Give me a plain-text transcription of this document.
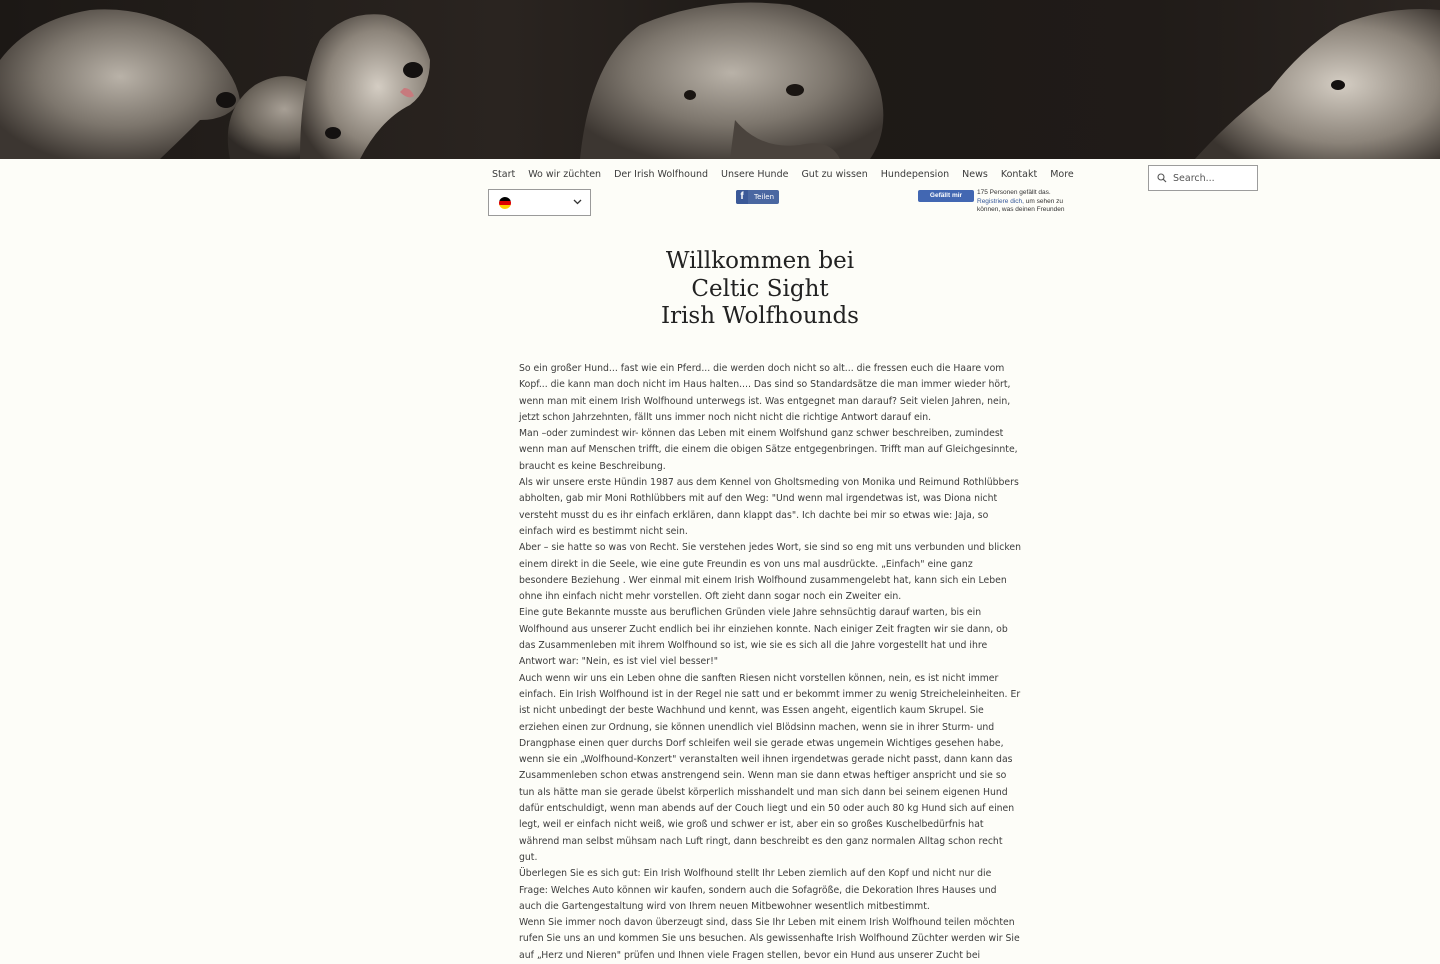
Start Wo wir züchten Der Irish Wolfhound Unsere Hunde Gut zu wissen Hundepension News Kontakt More
Search...
f	Teilen	Gefällt mir	175 Personen gefällt das.
Registriere dich, um sehen zu können, was deinen Freunden
Willkommen bei
Celtic Sight
Irish Wolfhounds

So ein großer Hund... fast wie ein Pferd... die werden doch nicht so alt... die fressen euch die Haare vom Kopf... die kann man doch nicht im Haus halten.... Das sind so Standardsätze die man immer wieder hört, wenn man mit einem Irish Wolfhound unterwegs ist. Was entgegnet man darauf? Seit vielen Jahren, nein, jetzt schon Jahrzehnten, fällt uns immer noch nicht nicht die richtige Antwort darauf ein.

Man –oder zumindest wir- können das Leben mit einem Wolfshund ganz schwer beschreiben, zumindest wenn man auf Menschen trifft, die einem die obigen Sätze entgegenbringen. Trifft man auf Gleichgesinnte, braucht es keine Beschreibung.

Als wir unsere erste Hündin 1987 aus dem Kennel von Gholtsmeding von Monika und Reimund Rothlübbers abholten, gab mir Moni Rothlübbers mit auf den Weg: "Und wenn mal irgendetwas ist, was Diona nicht versteht musst du es ihr einfach erklären, dann klappt das". Ich dachte bei mir so etwas wie: Jaja, so einfach wird es bestimmt nicht sein.

Aber – sie hatte so was von Recht. Sie verstehen jedes Wort, sie sind so eng mit uns verbunden und blicken einem direkt in die Seele, wie eine gute Freundin es von uns mal ausdrückte. „Einfach" eine ganz besondere Beziehung . Wer einmal mit einem Irish Wolfhound zusammengelebt hat, kann sich ein Leben ohne ihn einfach nicht mehr vorstellen. Oft zieht dann sogar noch ein Zweiter ein.

Eine gute Bekannte musste aus beruflichen Gründen viele Jahre sehnsüchtig darauf warten, bis ein Wolfhound aus unserer Zucht endlich bei ihr einziehen konnte. Nach einiger Zeit fragten wir sie dann, ob das Zusammenleben mit ihrem Wolfhound so ist, wie sie es sich all die Jahre vorgestellt hat und ihre Antwort war: "Nein, es ist viel viel besser!"

Auch wenn wir uns ein Leben ohne die sanften Riesen nicht vorstellen können, nein, es ist nicht immer einfach. Ein Irish Wolfhound ist in der Regel nie satt und er bekommt immer zu wenig Streicheleinheiten. Er ist nicht unbedingt der beste Wachhund und kennt, was Essen angeht, eigentlich kaum Skrupel. Sie erziehen einen zur Ordnung, sie können unendlich viel Blödsinn machen, wenn sie in ihrer Sturm- und Drangphase einen quer durchs Dorf schleifen weil sie gerade etwas ungemein Wichtiges gesehen habe, wenn sie ein „Wolfhound-Konzert" veranstalten weil ihnen irgendetwas gerade nicht passt, dann kann das Zusammenleben schon etwas anstrengend sein. Wenn man sie dann etwas heftiger anspricht und sie so tun als hätte man sie gerade übelst körperlich misshandelt und man sich dann bei seinem eigenen Hund dafür entschuldigt, wenn man abends auf der Couch liegt und ein 50 oder auch 80 kg Hund sich auf einen legt, weil er einfach nicht weiß, wie groß und schwer er ist, aber ein so großes Kuschelbedürfnis hat während man selbst mühsam nach Luft ringt, dann beschreibt es den ganz normalen Alltag schon recht gut.

Überlegen Sie es sich gut: Ein Irish Wolfhound stellt Ihr Leben ziemlich auf den Kopf und nicht nur die Frage: Welches Auto können wir kaufen, sondern auch die Sofagröße, die Dekoration Ihres Hauses und auch die Gartengestaltung wird von Ihrem neuen Mitbewohner wesentlich mitbestimmt.

Wenn Sie immer noch davon überzeugt sind, dass Sie Ihr Leben mit einem Irish Wolfhound teilen möchten rufen Sie uns an und kommen Sie uns besuchen. Als gewissenhafte Irish Wolfhound Züchter werden wir Sie auf „Herz und Nieren" prüfen und Ihnen viele Fragen stellen, bevor ein Hund aus unserer Zucht bei
